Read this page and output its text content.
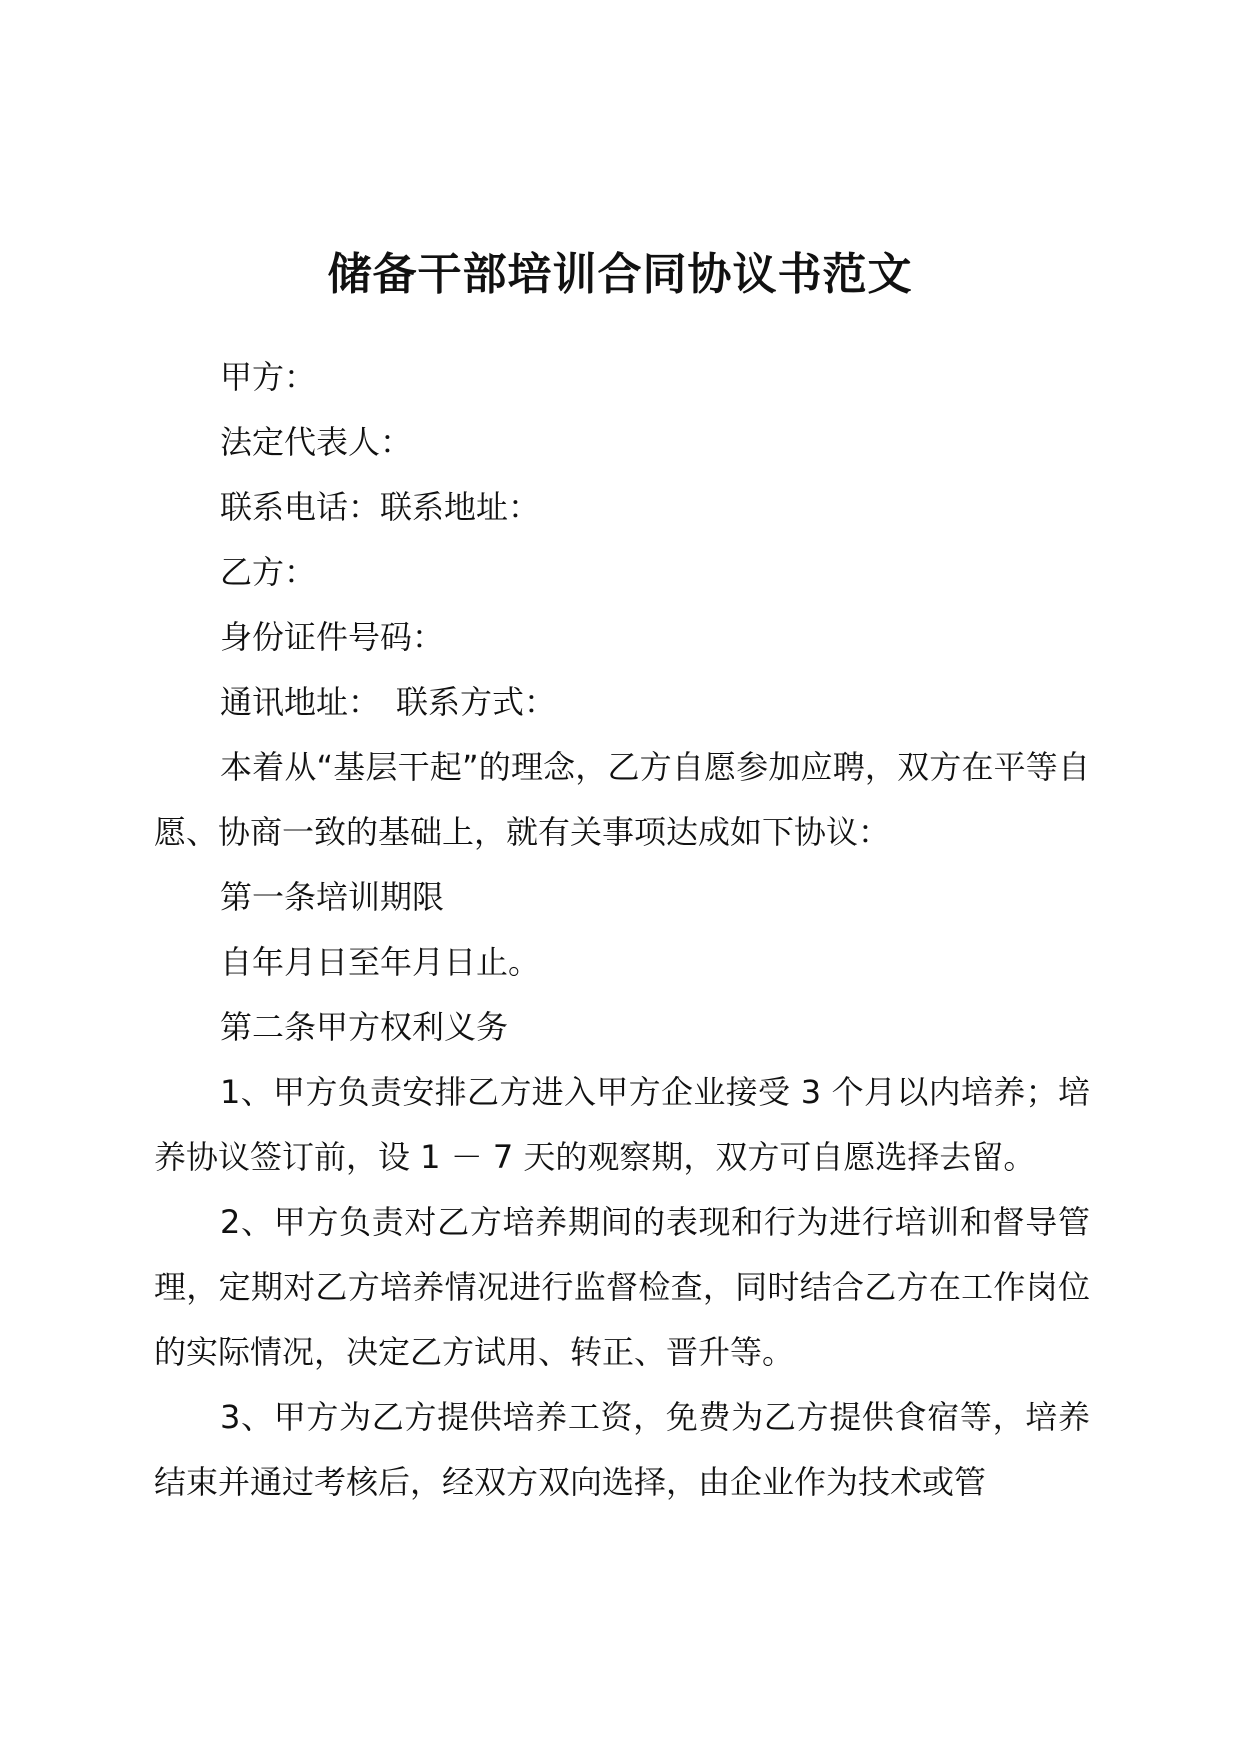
储备干部培训合同协议书范文

甲方：

法定代表人：

联系电话：联系地址：

乙方：

身份证件号码：

通讯地址：　联系方式：

本着从“基层干起”的理念，乙方自愿参加应聘，双方在平等自愿、协商一致的基础上，就有关事项达成如下协议：

第一条培训期限

自年月日至年月日止。

第二条甲方权利义务

1、甲方负责安排乙方进入甲方企业接受 3 个月以内培养；培养协议签订前，设 1 － 7 天的观察期，双方可自愿选择去留。

2、甲方负责对乙方培养期间的表现和行为进行培训和督导管理，定期对乙方培养情况进行监督检查，同时结合乙方在工作岗位的实际情况，决定乙方试用、转正、晋升等。

3、甲方为乙方提供培养工资，免费为乙方提供食宿等，培养结束并通过考核后，经双方双向选择，由企业作为技术或管
